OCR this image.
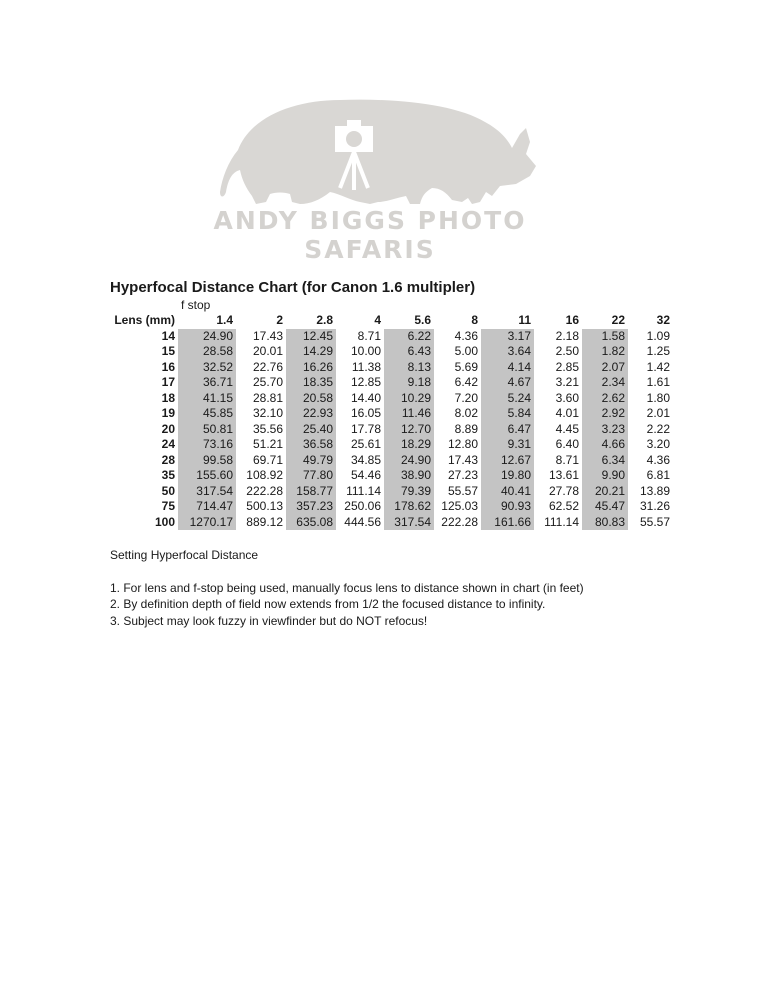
ANDY BIGGS PHOTO SAFARIS
Hyperfocal Distance Chart (for Canon 1.6 multipler)
f stop
Lens (mm)	1.4	2	2.8	4	5.6	8	11	16	22	32
14	24.90	17.43	12.45	8.71	6.22	4.36	3.17	2.18	1.58	1.09
15	28.58	20.01	14.29	10.00	6.43	5.00	3.64	2.50	1.82	1.25
16	32.52	22.76	16.26	11.38	8.13	5.69	4.14	2.85	2.07	1.42
17	36.71	25.70	18.35	12.85	9.18	6.42	4.67	3.21	2.34	1.61
18	41.15	28.81	20.58	14.40	10.29	7.20	5.24	3.60	2.62	1.80
19	45.85	32.10	22.93	16.05	11.46	8.02	5.84	4.01	2.92	2.01
20	50.81	35.56	25.40	17.78	12.70	8.89	6.47	4.45	3.23	2.22
24	73.16	51.21	36.58	25.61	18.29	12.80	9.31	6.40	4.66	3.20
28	99.58	69.71	49.79	34.85	24.90	17.43	12.67	8.71	6.34	4.36
35	155.60	108.92	77.80	54.46	38.90	27.23	19.80	13.61	9.90	6.81
50	317.54	222.28	158.77	111.14	79.39	55.57	40.41	27.78	20.21	13.89
75	714.47	500.13	357.23	250.06	178.62	125.03	90.93	62.52	45.47	31.26
100	1270.17	889.12	635.08	444.56	317.54	222.28	161.66	111.14	80.83	55.57
Setting Hyperfocal Distance
1. For lens and f-stop being used, manually focus lens to distance shown in chart (in feet)
2. By definition depth of field now extends from 1/2 the focused distance to infinity.
3. Subject may look fuzzy in viewfinder but do NOT refocus!
